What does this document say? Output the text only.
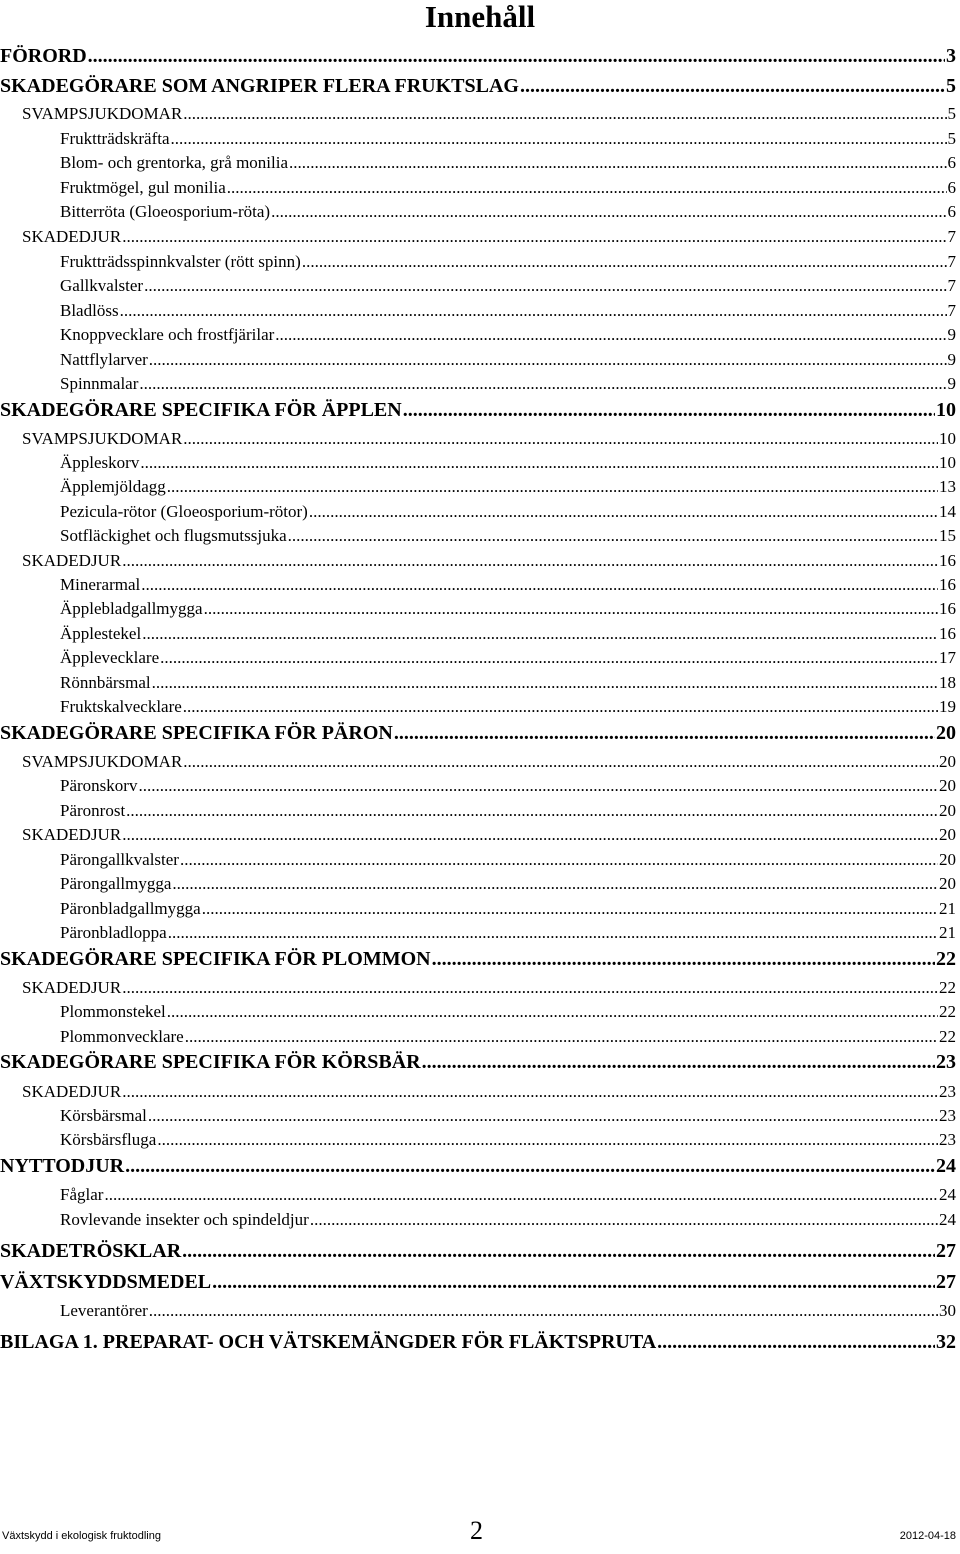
Innehåll
FÖRORD .....	3
SKADEGÖRARE SOM ANGRIPER FLERA FRUKTSLAG .....	5
SVAMPSJUKDOMAR .....	5
Fruktträdskräfta .....	5
Blom- och grentorka, grå monilia .....	6
Fruktmögel, gul monilia .....	6
Bitterröta (Gloeosporium-röta) .....	6
SKADEDJUR .....	7
Fruktträdsspinnkvalster (rött spinn) .....	7
Gallkvalster .....	7
Bladlöss .....	7
Knoppvecklare och frostfjärilar .....	9
Nattflylarver .....	9
Spinnmalar .....	9
SKADEGÖRARE SPECIFIKA FÖR ÄPPLEN .....	10
SVAMPSJUKDOMAR .....	10
Äppleskorv .....	10
Äpplemjöldagg .....	13
Pezicula-rötor (Gloeosporium-rötor) .....	14
Sotfläckighet och flugsmutssjuka .....	15
SKADEDJUR .....	16
Minerarmal .....	16
Äpplebladgallmygga .....	16
Äpplestekel .....	16
Äpplevecklare .....	17
Rönnbärsmal .....	18
Fruktskalvecklare .....	19
SKADEGÖRARE SPECIFIKA FÖR PÄRON .....	20
SVAMPSJUKDOMAR .....	20
Päronskorv .....	20
Päronrost .....	20
SKADEDJUR .....	20
Pärongallkvalster .....	20
Pärongallmygga .....	20
Päronbladgallmygga .....	21
Päronbladloppa .....	21
SKADEGÖRARE SPECIFIKA FÖR PLOMMON .....	22
SKADEDJUR .....	22
Plommonstekel .....	22
Plommonvecklare .....	22
SKADEGÖRARE SPECIFIKA FÖR KÖRSBÄR .....	23
SKADEDJUR .....	23
Körsbärsmal .....	23
Körsbärsfluga .....	23
NYTTODJUR .....	24
Fåglar .....	24
Rovlevande insekter och spindeldjur .....	24
SKADETRÖSKLAR .....	27
VÄXTSKYDDSMEDEL .....	27
Leverantörer .....	30
BILAGA 1. PREPARAT- OCH VÄTSKEMÄNGDER FÖR FLÄKTSPRUTA .....	32
Växtskydd i ekologisk fruktodling	2	2012-04-18
